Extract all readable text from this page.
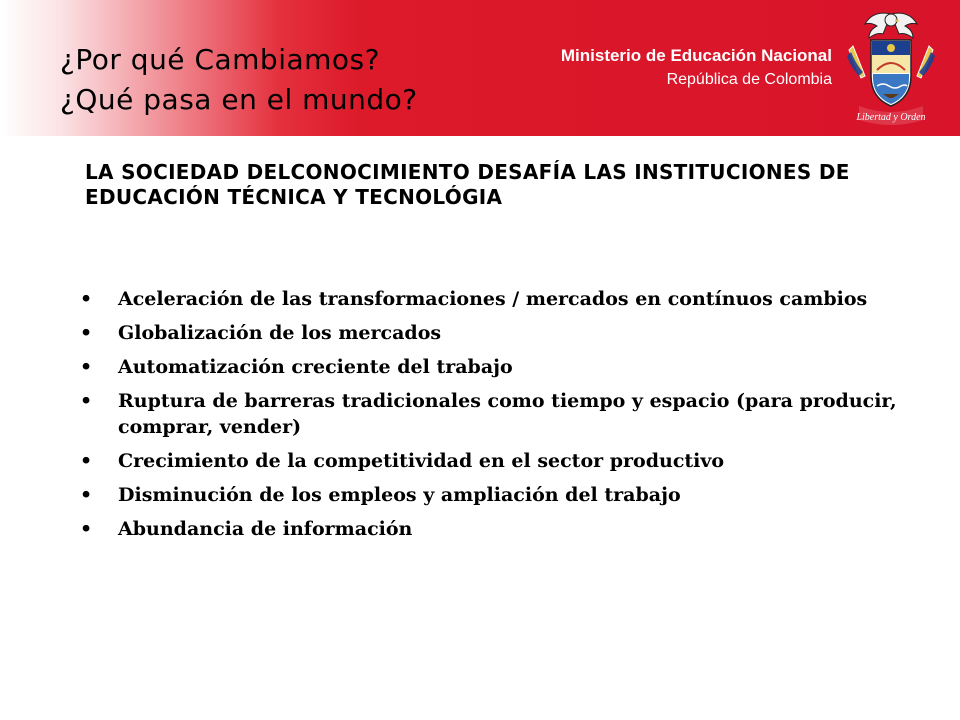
¿Por qué Cambiamos?
¿Qué pasa en el mundo?
Ministerio de Educación Nacional
República de Colombia
Libertad y Orden
LA SOCIEDAD DELCONOCIMIENTO DESAFÍA LAS INSTITUCIONES DE EDUCACIÓN TÉCNICA Y TECNOLÓGIA
• Aceleración de las transformaciones / mercados en contínuos cambios
• Globalización de los mercados
• Automatización creciente del trabajo
• Ruptura de barreras tradicionales como tiempo y espacio (para producir, comprar, vender)
• Crecimiento de la competitividad en el sector productivo
• Disminución de los empleos y ampliación del trabajo
• Abundancia de información
